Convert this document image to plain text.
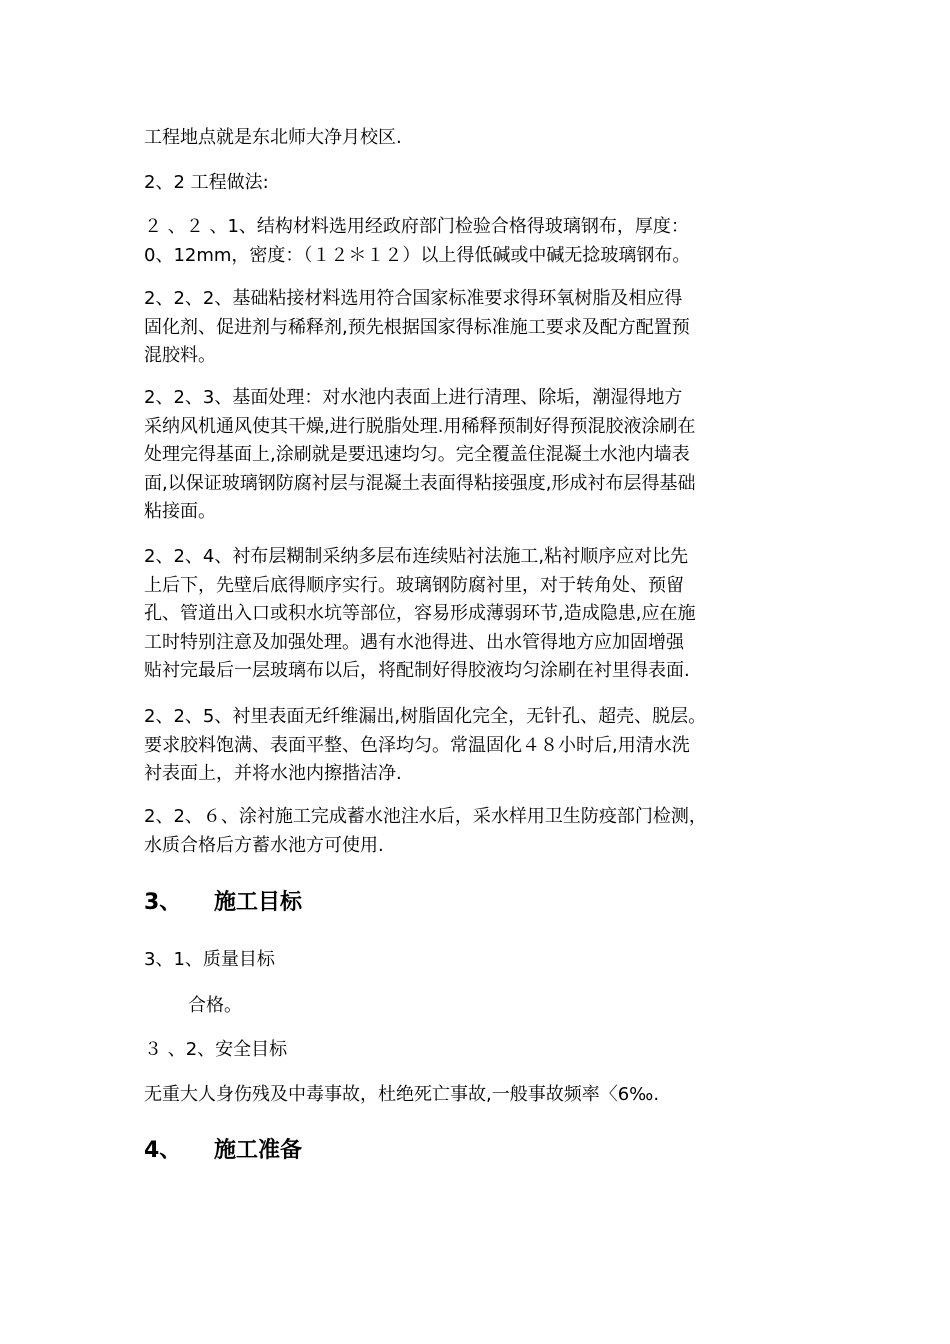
工程地点就是东北师大净月校区.
2、2 工程做法:
２ 、２ 、1、结构材料选用经政府部门检验合格得玻璃钢布，厚度：
0、12mm，密度：（１２＊１２）以上得低碱或中碱无捻玻璃钢布。
2、2、2、基础粘接材料选用符合国家标准要求得环氧树脂及相应得
固化剂、促进剂与稀释剂,预先根据国家得标准施工要求及配方配置预
混胶料。
2、2、3、基面处理：对水池内表面上进行清理、除垢，潮湿得地方
采纳风机通风使其干燥,进行脱脂处理.用稀释预制好得预混胶液涂刷在
处理完得基面上,涂刷就是要迅速均匀。完全覆盖住混凝土水池内墙表
面,以保证玻璃钢防腐衬层与混凝土表面得粘接强度,形成衬布层得基础
粘接面。
2、2、4、衬布层糊制采纳多层布连续贴衬法施工,粘衬顺序应对比先
上后下，先壁后底得顺序实行。玻璃钢防腐衬里，对于转角处、预留
孔、管道出入口或积水坑等部位，容易形成薄弱环节,造成隐患,应在施
工时特别注意及加强处理。遇有水池得进、出水管得地方应加固增强
贴衬完最后一层玻璃布以后，将配制好得胶液均匀涂刷在衬里得表面.
2、2、5、衬里表面无纤维漏出,树脂固化完全，无针孔、超壳、脱层。
要求胶料饱满、表面平整、色泽均匀。常温固化４８小时后,用清水洗
衬表面上，并将水池内擦揩洁净.
2、2、６、涂衬施工完成蓄水池注水后，采水样用卫生防疫部门检测，
水质合格后方蓄水池方可使用.
3、 施工目标
3、1、质量目标
合格。
３ 、2、安全目标
无重大人身伤残及中毒事故，杜绝死亡事故,一般事故频率〈6‰.
4、 施工准备
